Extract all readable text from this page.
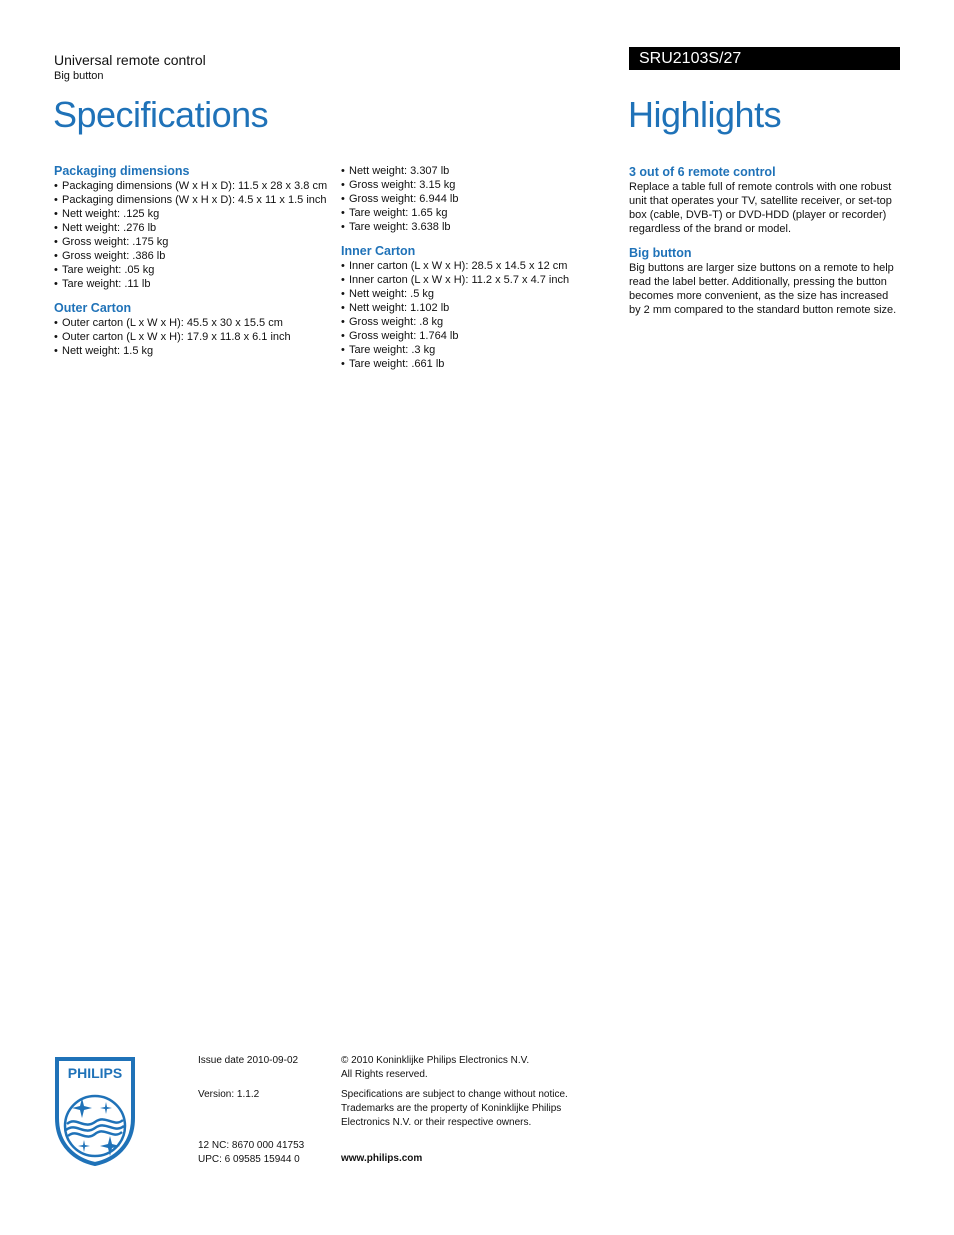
Universal remote control
Big button
SRU2103S/27
Specifications	Highlights
Packaging dimensions
• Packaging dimensions (W x H x D): 11.5 x 28 x 3.8 cm
• Packaging dimensions (W x H x D): 4.5 x 11 x 1.5 inch
• Nett weight: .125 kg
• Nett weight: .276 lb
• Gross weight: .175 kg
• Gross weight: .386 lb
• Tare weight: .05 kg
• Tare weight: .11 lb
Outer Carton
• Outer carton (L x W x H): 45.5 x 30 x 15.5 cm
• Outer carton (L x W x H): 17.9 x 11.8 x 6.1 inch
• Nett weight: 1.5 kg
• Nett weight: 3.307 lb
• Gross weight: 3.15 kg
• Gross weight: 6.944 lb
• Tare weight: 1.65 kg
• Tare weight: 3.638 lb
Inner Carton
• Inner carton (L x W x H): 28.5 x 14.5 x 12 cm
• Inner carton (L x W x H): 11.2 x 5.7 x 4.7 inch
• Nett weight: .5 kg
• Nett weight: 1.102 lb
• Gross weight: .8 kg
• Gross weight: 1.764 lb
• Tare weight: .3 kg
• Tare weight: .661 lb
3 out of 6 remote control
Replace a table full of remote controls with one robust unit that operates your TV, satellite receiver, or set-top box (cable, DVB-T) or DVD-HDD (player or recorder) regardless of the brand or model.
Big button
Big buttons are larger size buttons on a remote to help read the label better. Additionally, pressing the button becomes more convenient, as the size has increased by 2 mm compared to the standard button remote size.
PHILIPS
Issue date 2010-09-02
Version: 1.1.2
12 NC: 8670 000 41753
UPC: 6 09585 15944 0
© 2010 Koninklijke Philips Electronics N.V.
All Rights reserved.
Specifications are subject to change without notice.
Trademarks are the property of Koninklijke Philips
Electronics N.V. or their respective owners.
www.philips.com
